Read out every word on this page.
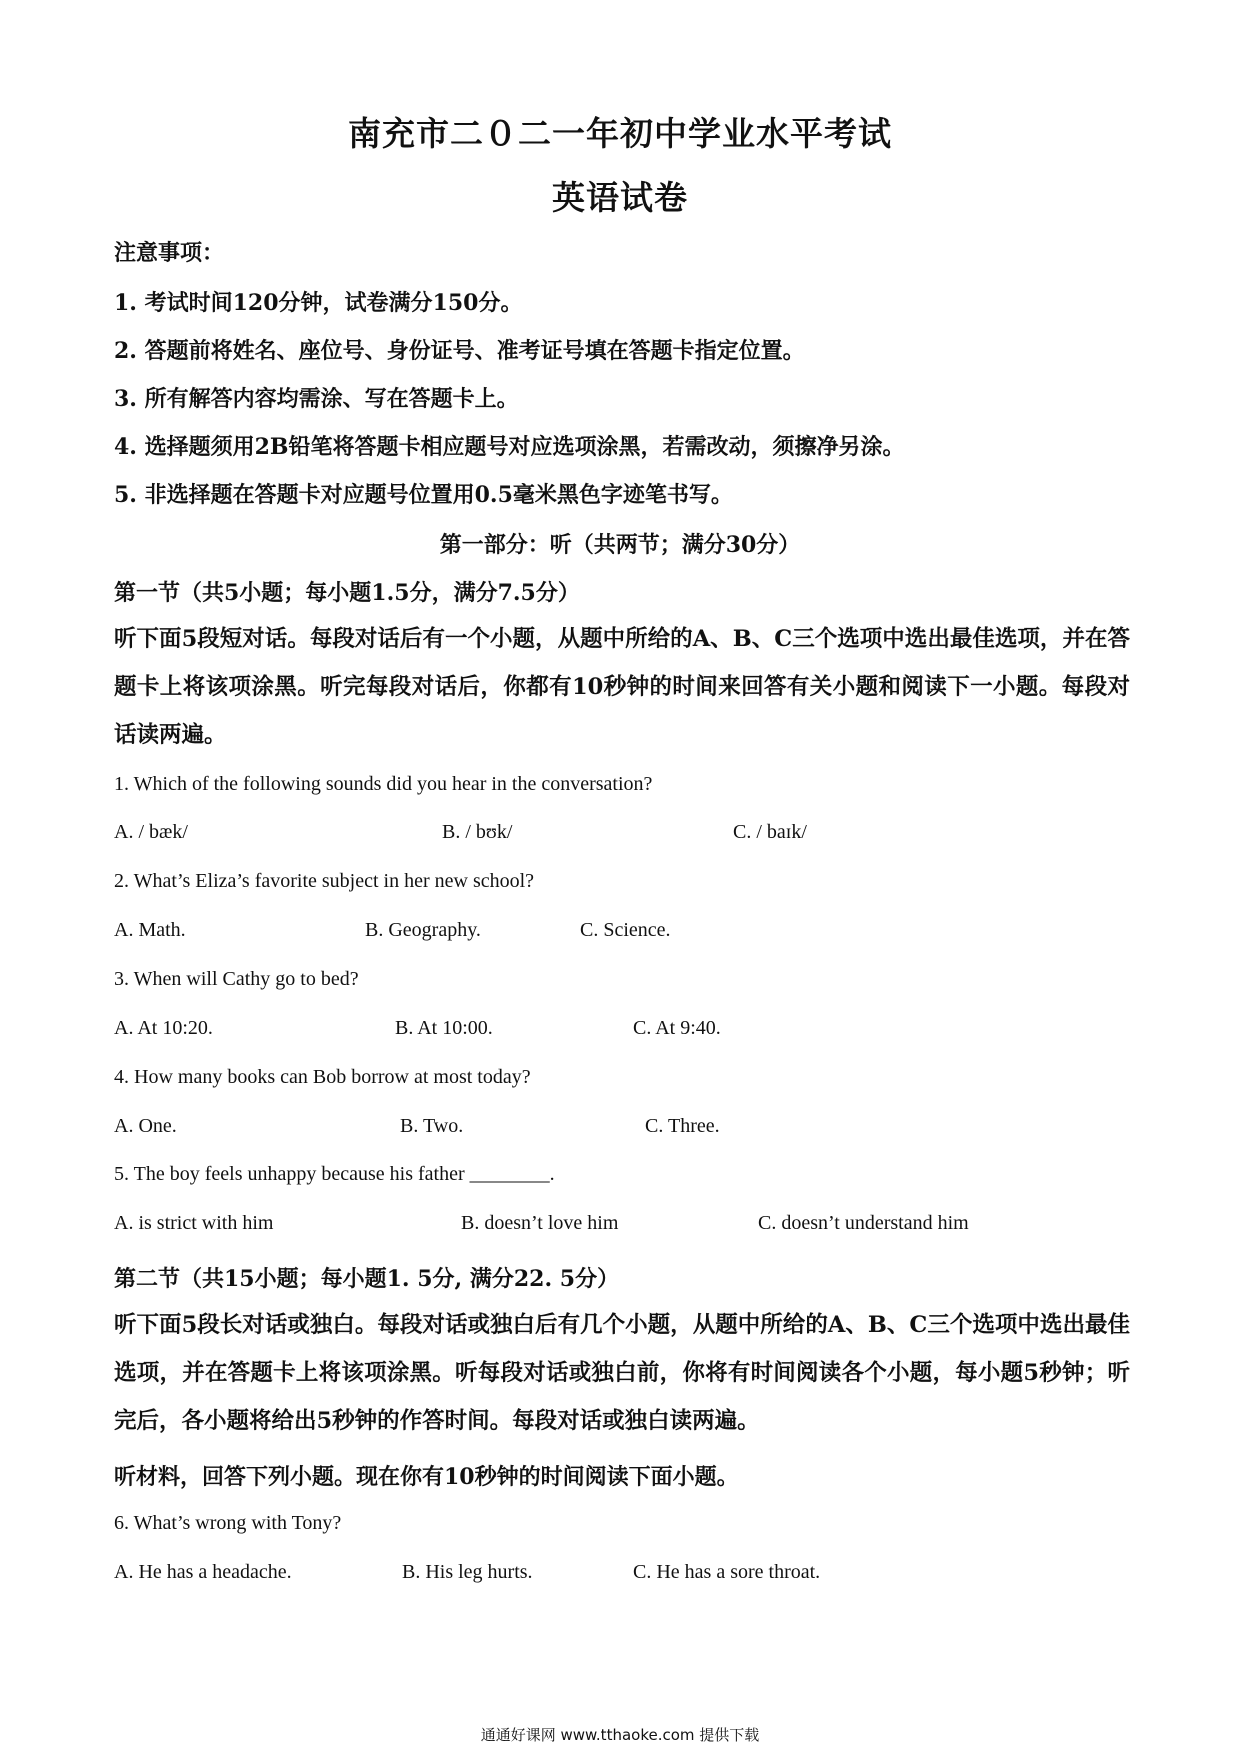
南充市二０二一年初中学业水平考试
英语试卷
注意事项：
1. 考试时间120分钟，试卷满分150分。
2. 答题前将姓名、座位号、身份证号、准考证号填在答题卡指定位置。
3. 所有解答内容均需涂、写在答题卡上。
4. 选择题须用2B铅笔将答题卡相应题号对应选项涂黑，若需改动，须擦净另涂。
5. 非选择题在答题卡对应题号位置用0.5毫米黑色字迹笔书写。
第一部分：听（共两节；满分30分）
第一节（共5小题；每小题1.5分，满分7.5分）
听下面5段短对话。每段对话后有一个小题，从题中所给的A、B、C三个选项中选出最佳选项，并在答题卡上将该项涂黑。听完每段对话后，你都有10秒钟的时间来回答有关小题和阅读下一小题。每段对话读两遍。
1. Which of the following sounds did you hear in the conversation?
A. / bæk/	B. / bʊk/	C. / baɪk/
2. What’s Eliza’s favorite subject in her new school?
A. Math.	B. Geography.	C. Science.
3. When will Cathy go to bed?
A. At 10:20.	B. At 10:00.	C. At 9:40.
4. How many books can Bob borrow at most today?
A. One.	B. Two.	C. Three.
5. The boy feels unhappy because his father ________.
A. is strict with him	B. doesn’t love him	C. doesn’t understand him
第二节（共15小题；每小题1. 5分, 满分22. 5分）
听下面5段长对话或独白。每段对话或独白后有几个小题，从题中所给的A、B、C三个选项中选出最佳选项，并在答题卡上将该项涂黑。听每段对话或独白前，你将有时间阅读各个小题，每小题5秒钟；听完后，各小题将给出5秒钟的作答时间。每段对话或独白读两遍。
听材料，回答下列小题。现在你有10秒钟的时间阅读下面小题。
6. What’s wrong with Tony?
A. He has a headache.	B. His leg hurts.	C. He has a sore throat.
通通好课网 www.tthaoke.com 提供下载
